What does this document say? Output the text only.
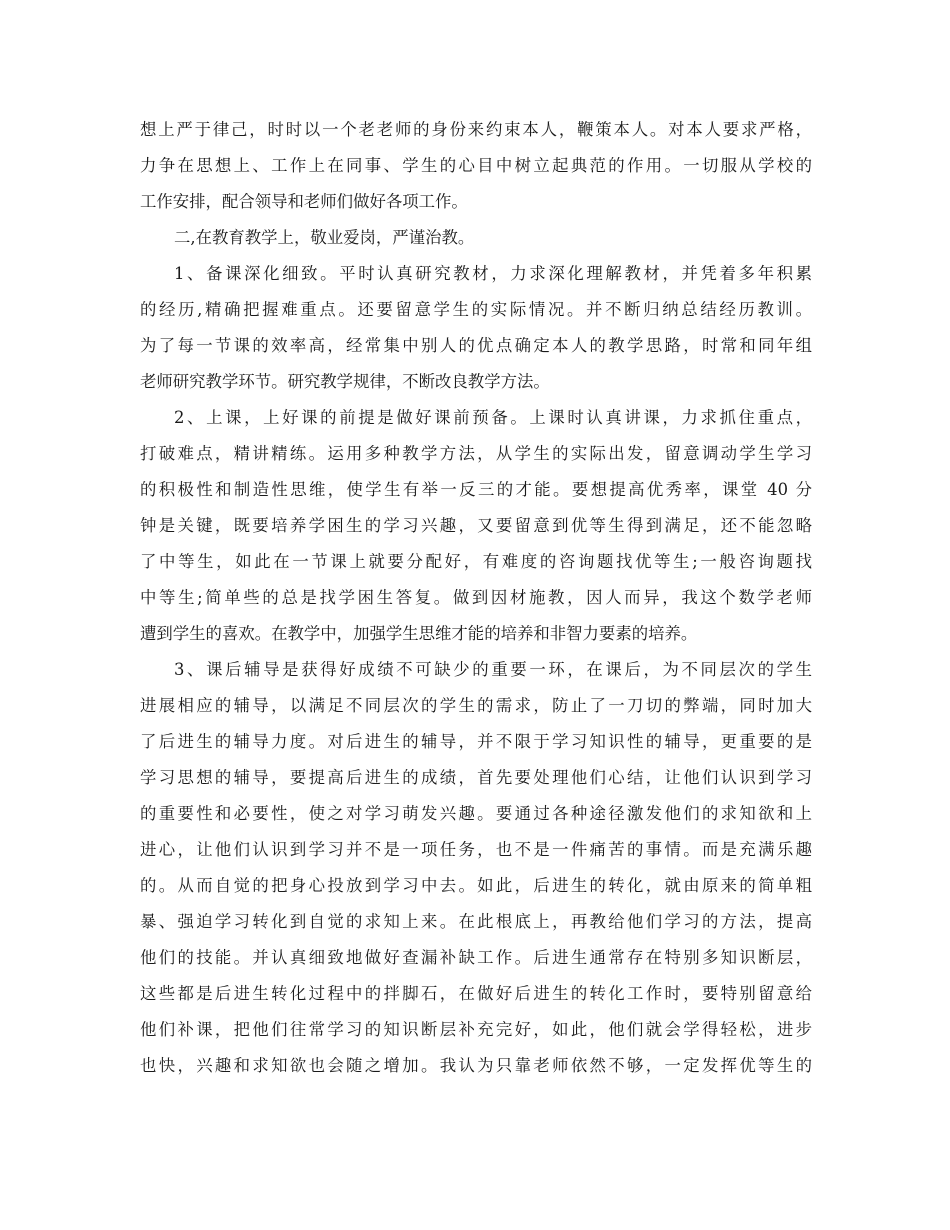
想上严于律己，时时以一个老老师的身份来约束本人，鞭策本人。对本人要求严格，
力争在思想上、工作上在同事、学生的心目中树立起典范的作用。一切服从学校的
工作安排，配合领导和老师们做好各项工作。
二,在教育教学上，敬业爱岗，严谨治教。
1、备课深化细致。平时认真研究教材，力求深化理解教材，并凭着多年积累
的经历,精确把握难重点。还要留意学生的实际情况。并不断归纳总结经历教训。
为了每一节课的效率高，经常集中别人的优点确定本人的教学思路，时常和同年组
老师研究教学环节。研究教学规律，不断改良教学方法。
2、上课，上好课的前提是做好课前预备。上课时认真讲课，力求抓住重点，
打破难点，精讲精练。运用多种教学方法，从学生的实际出发，留意调动学生学习
的积极性和制造性思维，使学生有举一反三的才能。要想提高优秀率，课堂 40 分
钟是关键，既要培养学困生的学习兴趣，又要留意到优等生得到满足，还不能忽略
了中等生，如此在一节课上就要分配好，有难度的咨询题找优等生;一般咨询题找
中等生;简单些的总是找学困生答复。做到因材施教，因人而异，我这个数学老师
遭到学生的喜欢。在教学中，加强学生思维才能的培养和非智力要素的培养。
3、课后辅导是获得好成绩不可缺少的重要一环，在课后，为不同层次的学生
进展相应的辅导，以满足不同层次的学生的需求，防止了一刀切的弊端，同时加大
了后进生的辅导力度。对后进生的辅导，并不限于学习知识性的辅导，更重要的是
学习思想的辅导，要提高后进生的成绩，首先要处理他们心结，让他们认识到学习
的重要性和必要性，使之对学习萌发兴趣。要通过各种途径激发他们的求知欲和上
进心，让他们认识到学习并不是一项任务，也不是一件痛苦的事情。而是充满乐趣
的。从而自觉的把身心投放到学习中去。如此，后进生的转化，就由原来的简单粗
暴、强迫学习转化到自觉的求知上来。在此根底上，再教给他们学习的方法，提高
他们的技能。并认真细致地做好查漏补缺工作。后进生通常存在特别多知识断层，
这些都是后进生转化过程中的拌脚石，在做好后进生的转化工作时，要特别留意给
他们补课，把他们往常学习的知识断层补充完好，如此，他们就会学得轻松，进步
也快，兴趣和求知欲也会随之增加。我认为只靠老师依然不够，一定发挥优等生的
